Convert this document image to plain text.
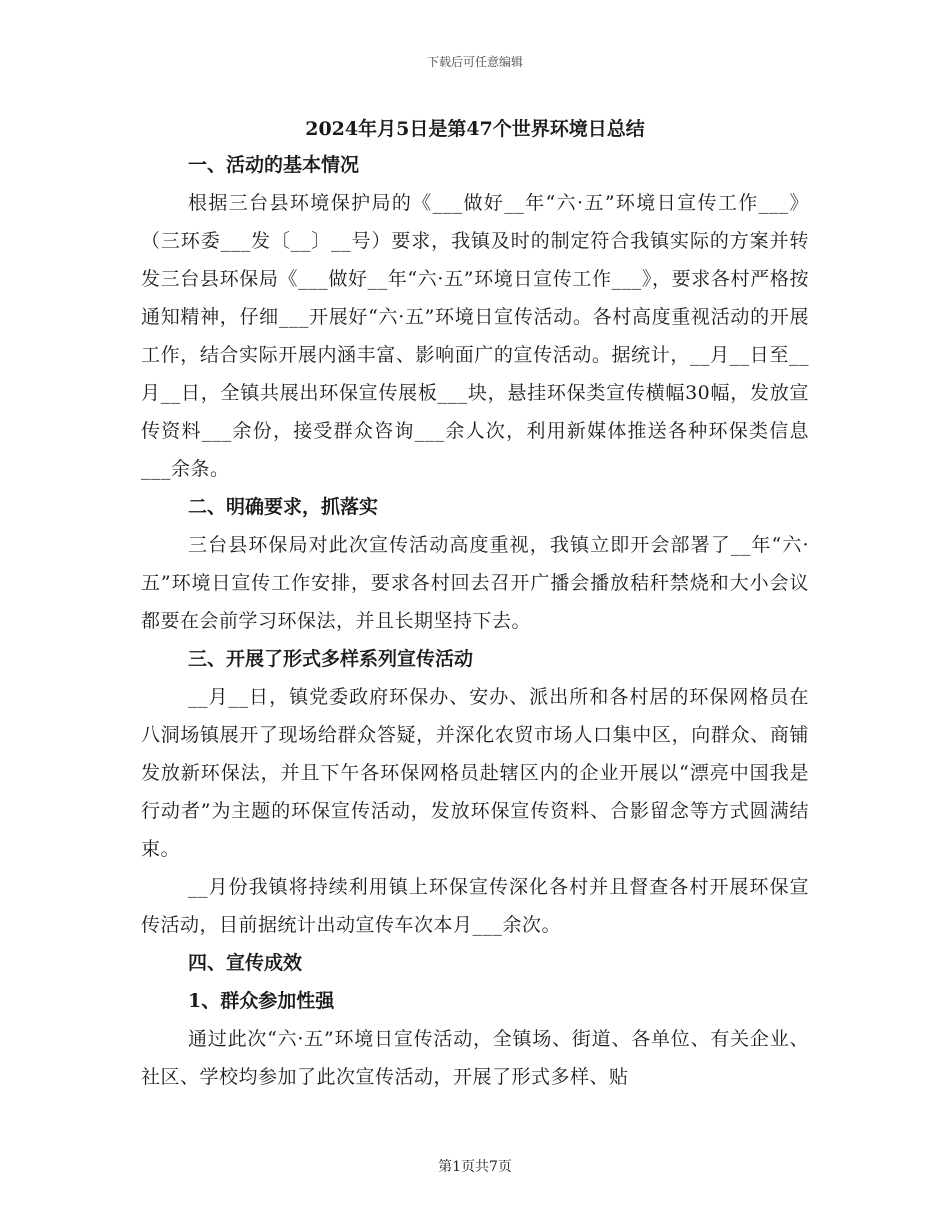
下载后可任意编辑
2024年月5日是第47个世界环境日总结
一、活动的基本情况

根据三台县环境保护局的《___做好__年“六·五”环境日宣传工作___》（三环委___发〔__〕__号）要求，我镇及时的制定符合我镇实际的方案并转发三台县环保局《___做好__年“六·五”环境日宣传工作___》，要求各村严格按通知精神，仔细___开展好“六·五”环境日宣传活动。各村高度重视活动的开展工作，结合实际开展内涵丰富、影响面广的宣传活动。据统计，__月__日至__月__日，全镇共展出环保宣传展板___块，悬挂环保类宣传横幅30幅，发放宣传资料___余份，接受群众咨询___余人次，利用新媒体推送各种环保类信息___余条。

二、明确要求，抓落实

三台县环保局对此次宣传活动高度重视，我镇立即开会部署了__年“六·五”环境日宣传工作安排，要求各村回去召开广播会播放秸秆禁烧和大小会议都要在会前学习环保法，并且长期坚持下去。

三、开展了形式多样系列宣传活动

__月__日，镇党委政府环保办、安办、派出所和各村居的环保网格员在八洞场镇展开了现场给群众答疑，并深化农贸市场人口集中区，向群众、商铺发放新环保法，并且下午各环保网格员赴辖区内的企业开展以“漂亮中国我是行动者”为主题的环保宣传活动，发放环保宣传资料、合影留念等方式圆满结束。

__月份我镇将持续利用镇上环保宣传深化各村并且督查各村开展环保宣传活动，目前据统计出动宣传车次本月___余次。

四、宣传成效
1、群众参加性强

通过此次“六·五”环境日宣传活动，全镇场、街道、各单位、有关企业、社区、学校均参加了此次宣传活动，开展了形式多样、贴

第1页共7页
